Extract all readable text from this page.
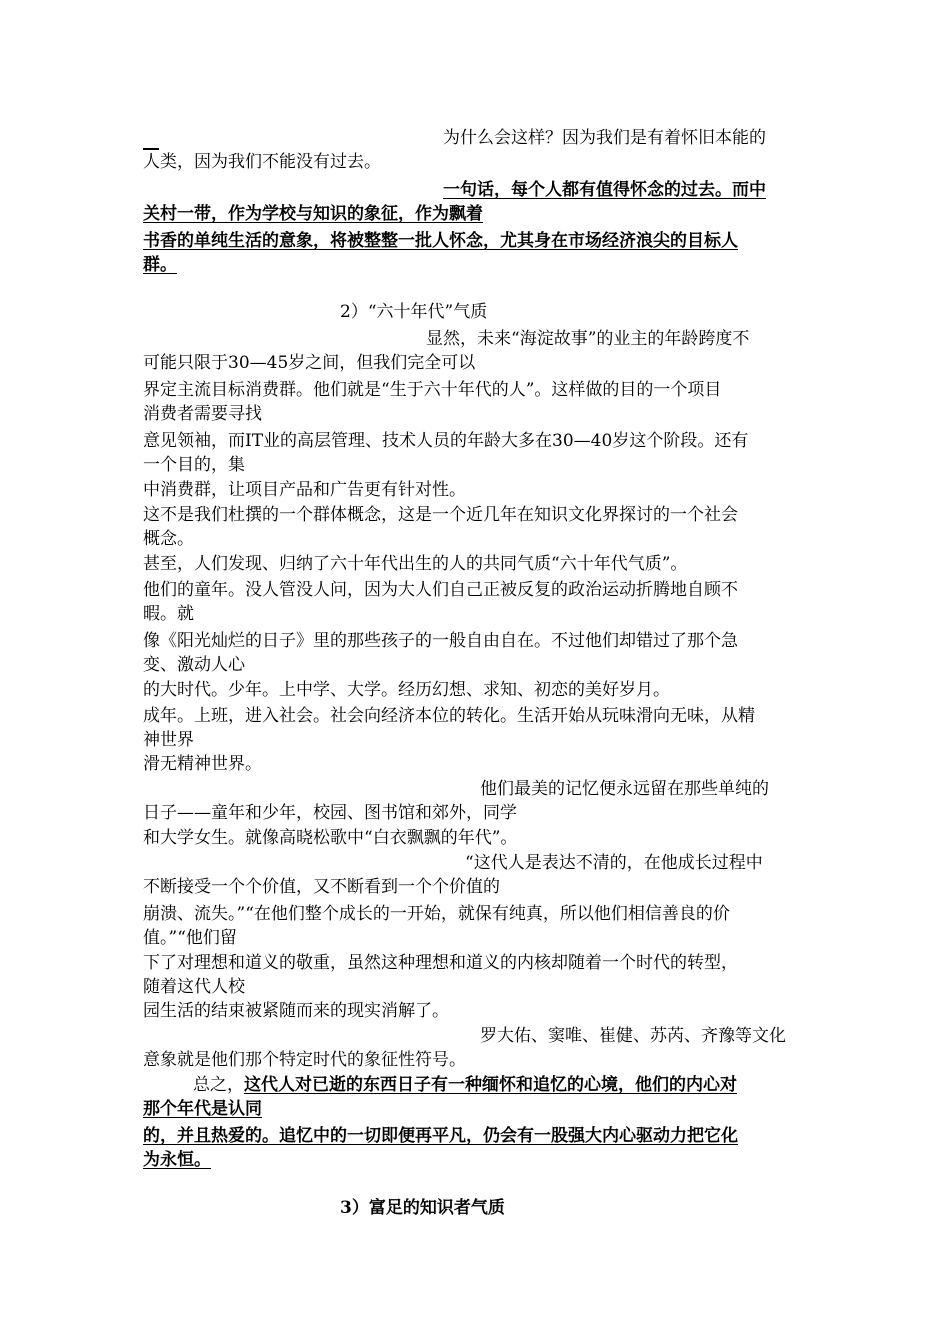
为什么会这样？因为我们是有着怀旧本能的
人类，因为我们不能没有过去。
一句话，每个人都有值得怀念的过去。而中
关村一带，作为学校与知识的象征，作为飘着
书香的单纯生活的意象，将被整整一批人怀念，尤其身在市场经济浪尖的目标人
群。
2）“六十年代”气质
显然，未来“海淀故事”的业主的年龄跨度不
可能只限于30—45岁之间，但我们完全可以
界定主流目标消费群。他们就是“生于六十年代的人”。这样做的目的一个项目
消费者需要寻找
意见领袖，而IT业的高层管理、技术人员的年龄大多在30—40岁这个阶段。还有
一个目的，集
中消费群，让项目产品和广告更有针对性。
这不是我们杜撰的一个群体概念，这是一个近几年在知识文化界探讨的一个社会
概念。
甚至，人们发现、归纳了六十年代出生的人的共同气质“六十年代气质”。
他们的童年。没人管没人问，因为大人们自己正被反复的政治运动折腾地自顾不
暇。就
像《阳光灿烂的日子》里的那些孩子的一般自由自在。不过他们却错过了那个急
变、激动人心
的大时代。少年。上中学、大学。经历幻想、求知、初恋的美好岁月。
成年。上班，进入社会。社会向经济本位的转化。生活开始从玩味滑向无味，从精
神世界
滑无精神世界。
他们最美的记忆便永远留在那些单纯的
日子——童年和少年，校园、图书馆和郊外，同学
和大学女生。就像高晓松歌中“白衣飘飘的年代”。
“这代人是表达不清的，在他成长过程中
不断接受一个个价值，又不断看到一个个价值的
崩溃、流失。”“在他们整个成长的一开始，就保有纯真，所以他们相信善良的价
值。”“他们留
下了对理想和道义的敬重，虽然这种理想和道义的内核却随着一个时代的转型，
随着这代人校
园生活的结束被紧随而来的现实消解了。
罗大佑、窦唯、崔健、苏芮、齐豫等文化
意象就是他们那个特定时代的象征性符号。
总之，这代人对已逝的东西日子有一种缅怀和追忆的心境，他们的内心对
那个年代是认同
的，并且热爱的。追忆中的一切即便再平凡，仍会有一股强大内心驱动力把它化
为永恒。
3）富足的知识者气质
